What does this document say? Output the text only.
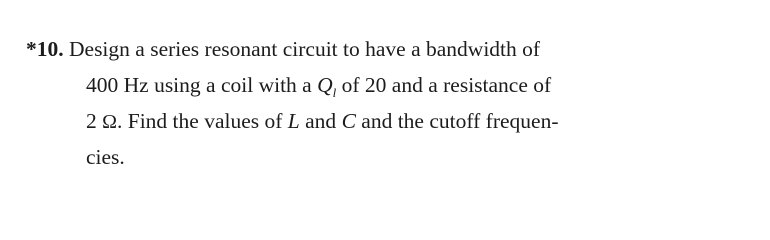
*10. Design a series resonant circuit to have a bandwidth of
400 Hz using a coil with a $Q_l$ of 20 and a resistance of
2 Ω. Find the values of L and C and the cutoff frequen-
cies.
